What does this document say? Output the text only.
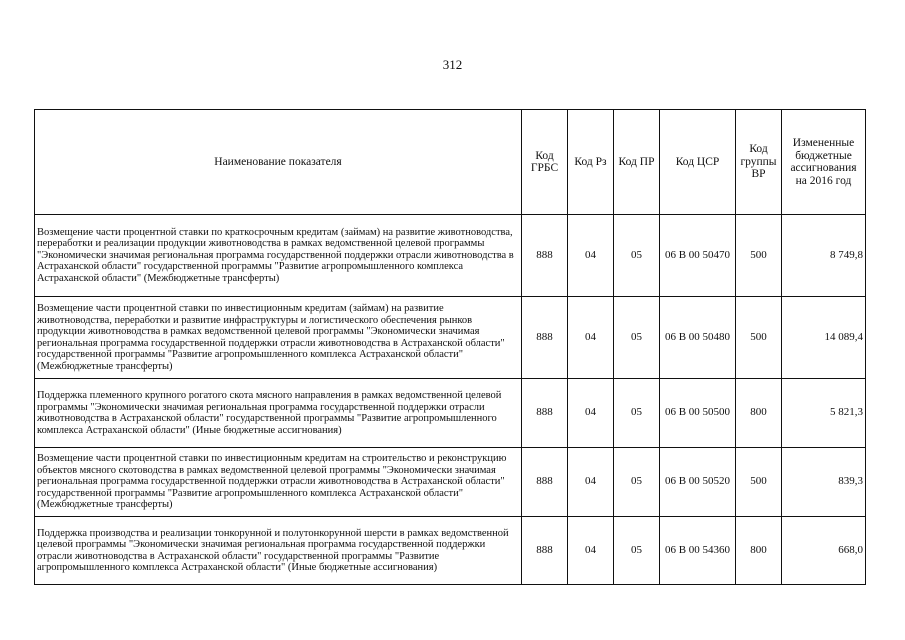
312
Наименование показателя	Код ГРБС	Код Рз	Код ПР	Код ЦСР	Код группы ВР	Измененные бюджетные ассигнования на 2016 год
Возмещение части процентной ставки по краткосрочным кредитам (займам) на развитие животноводства, переработки и реализации продукции животноводства в рамках ведомственной целевой программы "Экономически значимая региональная программа государственной поддержки отрасли животноводства в Астраханской области" государственной программы "Развитие агропромышленного комплекса Астраханской области" (Межбюджетные трансферты)	888	04	05	06 В 00 50470	500	8 749,8
Возмещение части процентной ставки по инвестиционным кредитам (займам) на развитие животноводства, переработки и развитие инфраструктуры и логистического обеспечения рынков продукции животноводства в рамках ведомственной целевой программы "Экономически значимая региональная программа государственной поддержки отрасли животноводства в Астраханской области" государственной программы "Развитие агропромышленного комплекса Астраханской области" (Межбюджетные трансферты)	888	04	05	06 В 00 50480	500	14 089,4
Поддержка племенного крупного рогатого скота мясного направления в рамках ведомственной целевой программы "Экономически значимая региональная программа государственной поддержки отрасли животноводства в Астраханской области" государственной программы "Развитие агропромышленного комплекса Астраханской области" (Иные бюджетные ассигнования)	888	04	05	06 В 00 50500	800	5 821,3
Возмещение части процентной ставки по инвестиционным кредитам на строительство и реконструкцию объектов мясного скотоводства в рамках ведомственной целевой программы "Экономически значимая региональная программа государственной поддержки отрасли животноводства в Астраханской области" государственной программы "Развитие агропромышленного комплекса Астраханской области" (Межбюджетные трансферты)	888	04	05	06 В 00 50520	500	839,3
Поддержка производства и реализации тонкорунной и полутонкорунной шерсти в рамках ведомственной целевой программы "Экономически значимая региональная программа государственной поддержки отрасли животноводства в Астраханской области" государственной программы "Развитие агропромышленного комплекса Астраханской области" (Иные бюджетные ассигнования)	888	04	05	06 В 00 54360	800	668,0
